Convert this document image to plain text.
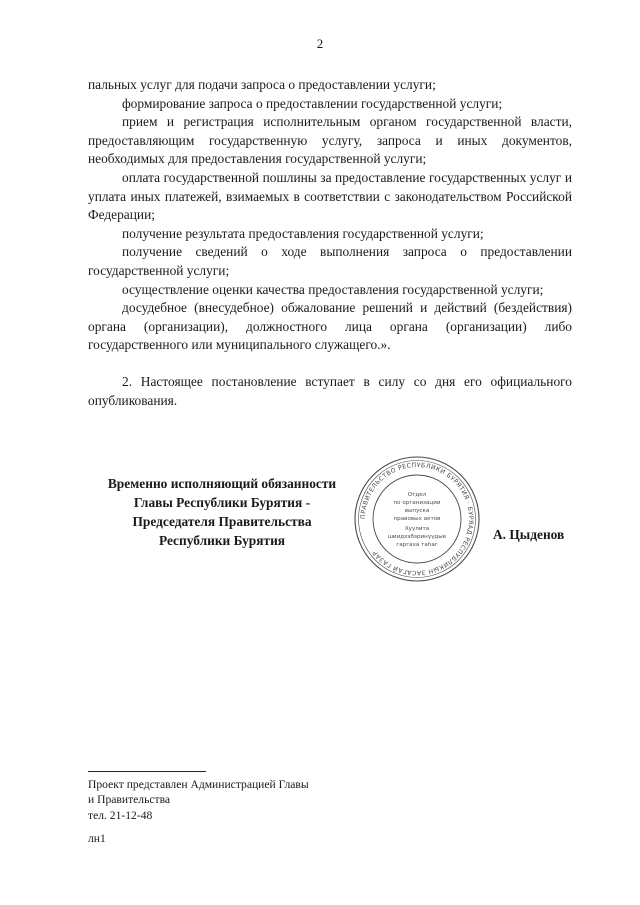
2

пальных услуг для подачи запроса о предоставлении услуги;

формирование запроса о предоставлении государственной услуги;

прием и регистрация исполнительным органом государственной власти, предоставляющим государственную услугу, запроса и иных документов, необходимых для предоставления государственной услуги;

оплата государственной пошлины за предоставление государственных услуг и уплата иных платежей, взимаемых в соответствии с законодательством Российской Федерации;

получение результата предоставления государственной услуги;

получение сведений о ходе выполнения запроса о предоставлении государственной услуги;

осуществление оценки качества предоставления государственной услуги;

досудебное (внесудебное) обжалование решений и действий (бездействия) органа (организации), должностного лица органа (организации) либо государственного или муниципального служащего.».

2. Настоящее постановление вступает в силу со дня его официального опубликования.

Временно исполняющий обязанности
Главы Республики Бурятия -
Председателя Правительства
Республики Бурятия
ПРАВИТЕЛЬСТВО РЕСПУБЛИКИ БУРЯТИЯ · БУРЯАД РЕСПУБЛИКЫН ЗАСАГАЙ ГАЗАР
Отдел
по организации
выпуска
правовых актов
Хуулита
шиидхэбэринүүдые
гаргаха таһаг
А. Цыденов
Проект представлен Администрацией Главы
и Правительства
тел. 21-12-48
лн1
